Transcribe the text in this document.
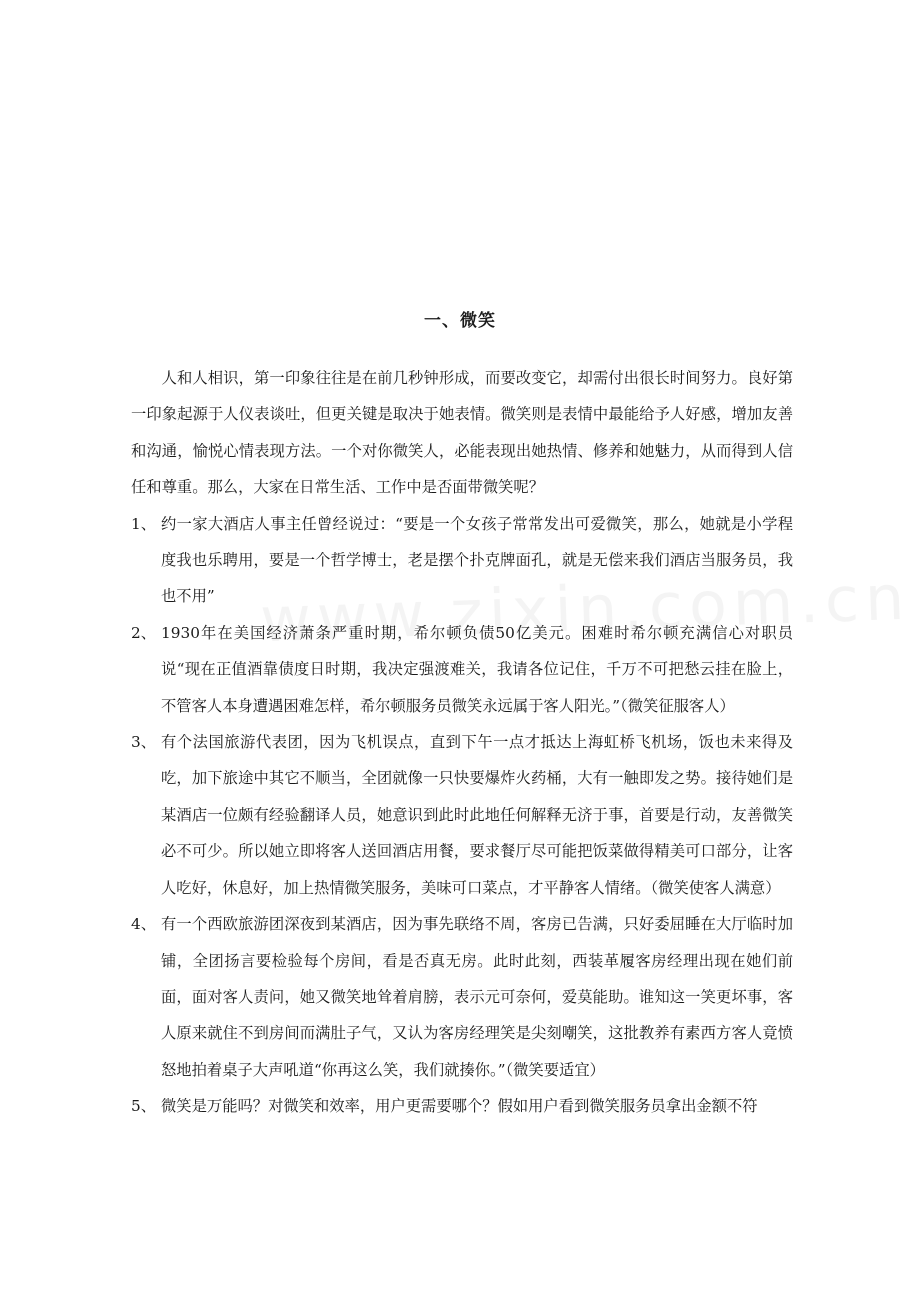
一、微笑

人和人相识，第一印象往往是在前几秒钟形成，而要改变它，却需付出很长时间努力。良好第一印象起源于人仪表谈吐，但更关键是取决于她表情。微笑则是表情中最能给予人好感，增加友善和沟通，愉悦心情表现方法。一个对你微笑人，必能表现出她热情、修养和她魅力，从而得到人信任和尊重。那么，大家在日常生活、工作中是否面带微笑呢？

1、 约一家大酒店人事主任曾经说过：“要是一个女孩子常常发出可爱微笑，那么，她就是小学程度我也乐聘用，要是一个哲学博士，老是摆个扑克牌面孔，就是无偿来我们酒店当服务员，我也不用”
2、 1930年在美国经济萧条严重时期，希尔顿负债50亿美元。困难时希尔顿充满信心对职员说“现在正值酒靠债度日时期，我决定强渡难关，我请各位记住，千万不可把愁云挂在脸上，不管客人本身遭遇困难怎样，希尔顿服务员微笑永远属于客人阳光。”（微笑征服客人）
3、 有个法国旅游代表团，因为飞机误点，直到下午一点才抵达上海虹桥飞机场，饭也未来得及吃，加下旅途中其它不顺当，全团就像一只快要爆炸火药桶，大有一触即发之势。接待她们是某酒店一位颇有经验翻译人员，她意识到此时此地任何解释无济于事，首要是行动，友善微笑必不可少。所以她立即将客人送回酒店用餐，要求餐厅尽可能把饭菜做得精美可口部分，让客人吃好，休息好，加上热情微笑服务，美味可口菜点，才平静客人情绪。（微笑使客人满意）
4、 有一个西欧旅游团深夜到某酒店，因为事先联络不周，客房已告满，只好委屈睡在大厅临时加铺，全团扬言要检验每个房间，看是否真无房。此时此刻，西装革履客房经理出现在她们前面，面对客人责问，她又微笑地耸着肩膀，表示元可奈何，爱莫能助。谁知这一笑更坏事，客人原来就住不到房间而满肚子气，又认为客房经理笑是尖刻嘲笑，这批教养有素西方客人竟愤怒地拍着桌子大声吼道“你再这么笑，我们就揍你。”（微笑要适宜）
5、 微笑是万能吗？对微笑和效率，用户更需要哪个？假如用户看到微笑服务员拿出金额不符
